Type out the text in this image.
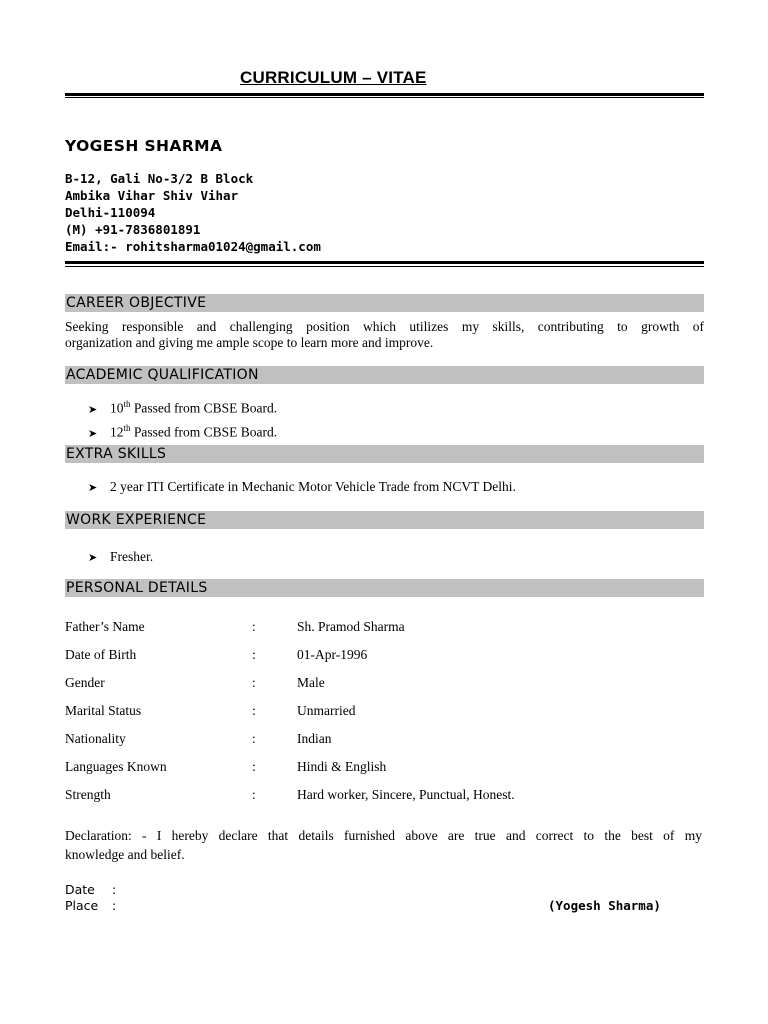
CURRICULUM – VITAE
YOGESH SHARMA
B-12, Gali No-3/2 B Block
Ambika Vihar Shiv Vihar
Delhi-110094
(M) +91-7836801891
Email:- rohitsharma01024@gmail.com
CAREER OBJECTIVE
Seeking responsible and challenging position which utilizes my skills, contributing to growth of
organization and giving me ample scope to learn more and improve.
ACADEMIC QUALIFICATION
➤ 10th Passed from CBSE Board.
➤ 12th Passed from CBSE Board.
EXTRA SKILLS
➤ 2 year ITI Certificate in Mechanic Motor Vehicle Trade from NCVT Delhi.
WORK EXPERIENCE
➤ Fresher.
PERSONAL DETAILS
Father’s Name	:	Sh. Pramod Sharma
Date of Birth	:	01-Apr-1996
Gender	:	Male
Marital Status	:	Unmarried
Nationality	:	Indian
Languages Known	:	Hindi & English
Strength	:	Hard worker, Sincere, Punctual, Honest.
Declaration: - I hereby declare that details furnished above are true and correct to the best of my
knowledge and belief.
Date :
Place :	(Yogesh Sharma)
